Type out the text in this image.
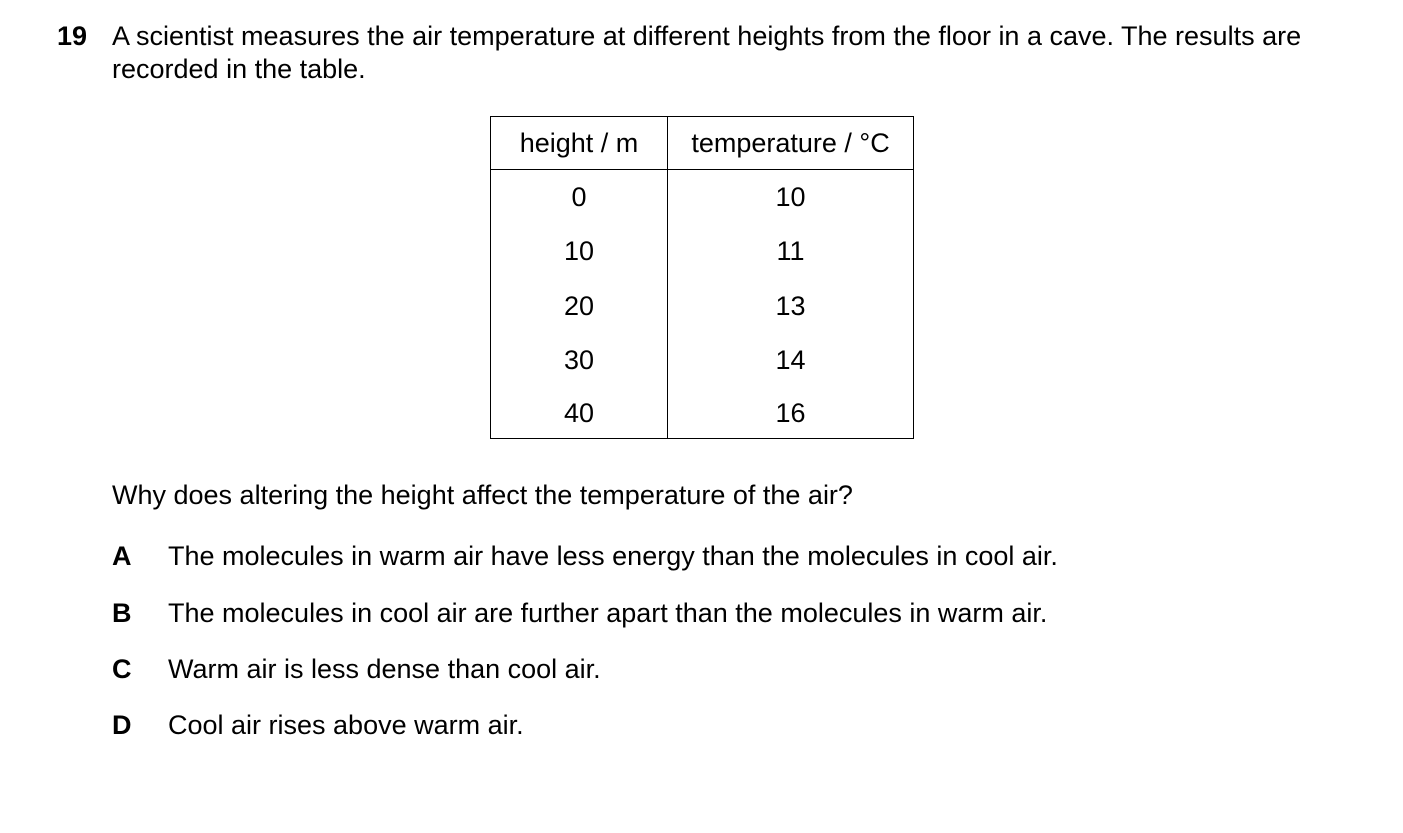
19 A scientist measures the air temperature at different heights from the floor in a cave. The results are recorded in the table.

height / m	temperature / °C
0	10
10	11
20	13
30	14
40	16

Why does altering the height affect the temperature of the air?

A The molecules in warm air have less energy than the molecules in cool air.
B The molecules in cool air are further apart than the molecules in warm air.
C Warm air is less dense than cool air.
D Cool air rises above warm air.
